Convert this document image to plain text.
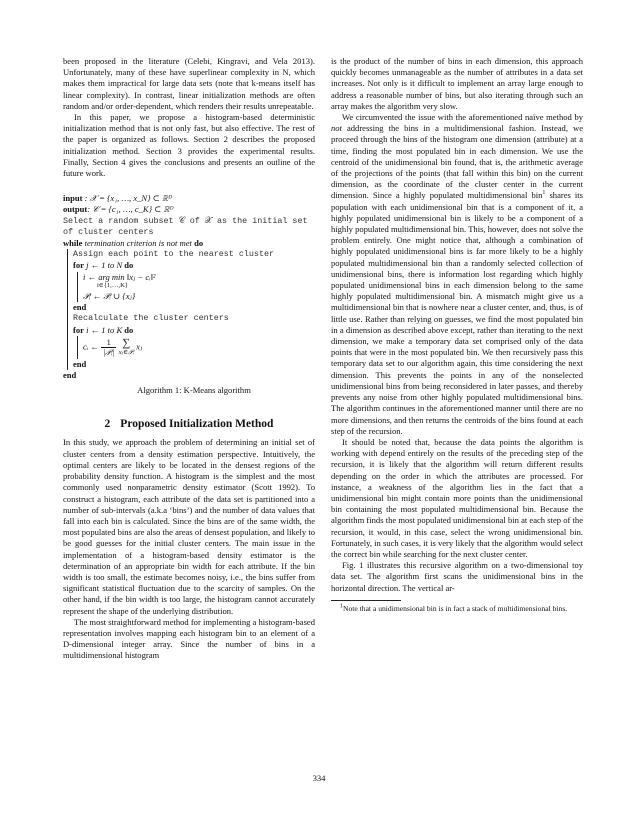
been proposed in the literature (Celebi, Kingravi, and Vela 2013). Unfortunately, many of these have superlinear complexity in N, which makes them impractical for large data sets (note that k-means itself has linear complexity). In contrast, linear initialization methods are often random and/or order-dependent, which renders their results unrepeatable.

In this paper, we propose a histogram-based deterministic initialization method that is not only fast, but also effective. The rest of the paper is organized as follows. Section 2 describes the proposed initialization method. Section 3 provides the experimental results. Finally, Section 4 gives the conclusions and presents an outline of the future work.

input : 𝒳 = {x₁, …, x_N} ⊂ ℝᴰ
output: 𝒞 = {c₁, …, c_K} ⊂ ℝᴰ
Select a random subset 𝒞 of 𝒳 as the initial set of cluster centers
while termination criterion is not met do
Assign each point to the nearest cluster
for j ← 1 to N do
i ← arg min ‖xⱼ − cᵢ‖²
i∈{1,…,K}
𝒫ᵢ ← 𝒫ᵢ ∪ {xⱼ}
end
Recalculate the cluster centers
for i ← 1 to K do
cᵢ ← $\frac{1}{\text{|𝒫ᵢ|}}$
∑
xⱼ∈𝒫ᵢ
xⱼ
end
end
Algorithm 1: K-Means algorithm
2 Proposed Initialization Method

In this study, we approach the problem of determining an initial set of cluster centers from a density estimation perspective. Intuitively, the optimal centers are likely to be located in the densest regions of the probability density function. A histogram is the simplest and the most commonly used nonparametric density estimator (Scott 1992). To construct a histogram, each attribute of the data set is partitioned into a number of sub-intervals (a.k.a ‘bins’) and the number of data values that fall into each bin is calculated. Since the bins are of the same width, the most populated bins are also the areas of densest population, and likely to be good guesses for the initial cluster centers. The main issue in the implementation of a histogram-based density estimator is the determination of an appropriate bin width for each attribute. If the bin width is too small, the estimate becomes noisy, i.e., the bins suffer from significant statistical fluctuation due to the scarcity of samples. On the other hand, if the bin width is too large, the histogram cannot accurately represent the shape of the underlying distribution.

The most straightforward method for implementing a histogram-based representation involves mapping each histogram bin to an element of a D-dimensional integer array. Since the number of bins in a multidimensional histogram

is the product of the number of bins in each dimension, this approach quickly becomes unmanageable as the number of attributes in a data set increases. Not only is it difficult to implement an array large enough to address a reasonable number of bins, but also iterating through such an array makes the algorithm very slow.

We circumvented the issue with the aforementioned naïve method by not addressing the bins in a multidimensional fashion. Instead, we proceed through the bins of the histogram one dimension (attribute) at a time, finding the most populated bin in each dimension. We use the centroid of the unidimensional bin found, that is, the arithmetic average of the projections of the points (that fall within this bin) on the current dimension, as the coordinate of the cluster center in the current dimension. Since a highly populated multidimensional bin$^1$ shares its population with each unidimensional bin that is a component of it, a highly populated unidimensional bin is likely to be a component of a highly populated multidimensional bin. This, however, does not solve the problem entirely. One might notice that, although a combination of highly populated unidimensional bins is far more likely to be a highly populated multidimensional bin than a randomly selected collection of unidimensional bins, there is information lost regarding which highly populated unidimensional bins in each dimension belong to the same highly populated multidimensional bin. A mismatch might give us a multidimensional bin that is nowhere near a cluster center, and, thus, is of little use. Rather than relying on guesses, we find the most populated bin in a dimension as described above except, rather than iterating to the next dimension, we make a temporary data set comprised only of the data points that were in the most populated bin. We then recursively pass this temporary data set to our algorithm again, this time considering the next dimension. This prevents the points in any of the nonselected unidimensional bins from being reconsidered in later passes, and thereby prevents any noise from other highly populated multidimensional bins. The algorithm continues in the aforementioned manner until there are no more dimensions, and then returns the centroids of the bins found at each step of the recursion.

It should be noted that, because the data points the algorithm is working with depend entirely on the results of the preceding step of the recursion, it is likely that the algorithm will return different results depending on the order in which the attributes are processed. For instance, a weakness of the algorithm lies in the fact that a unidimensional bin might contain more points than the unidimensional bin containing the most populated multidimensional bin. Because the algorithm finds the most populated unidimensional bin at each step of the recursion, it would, in this case, select the wrong unidimensional bin. Fortunately, in such cases, it is very likely that the algorithm would select the correct bin while searching for the next cluster center.

Fig. 1 illustrates this recursive algorithm on a two-dimensional toy data set. The algorithm first scans the unidimensional bins in the horizontal direction. The vertical ar-

$^1$Note that a unidimensional bin is in fact a stack of multidimensional bins.
334
